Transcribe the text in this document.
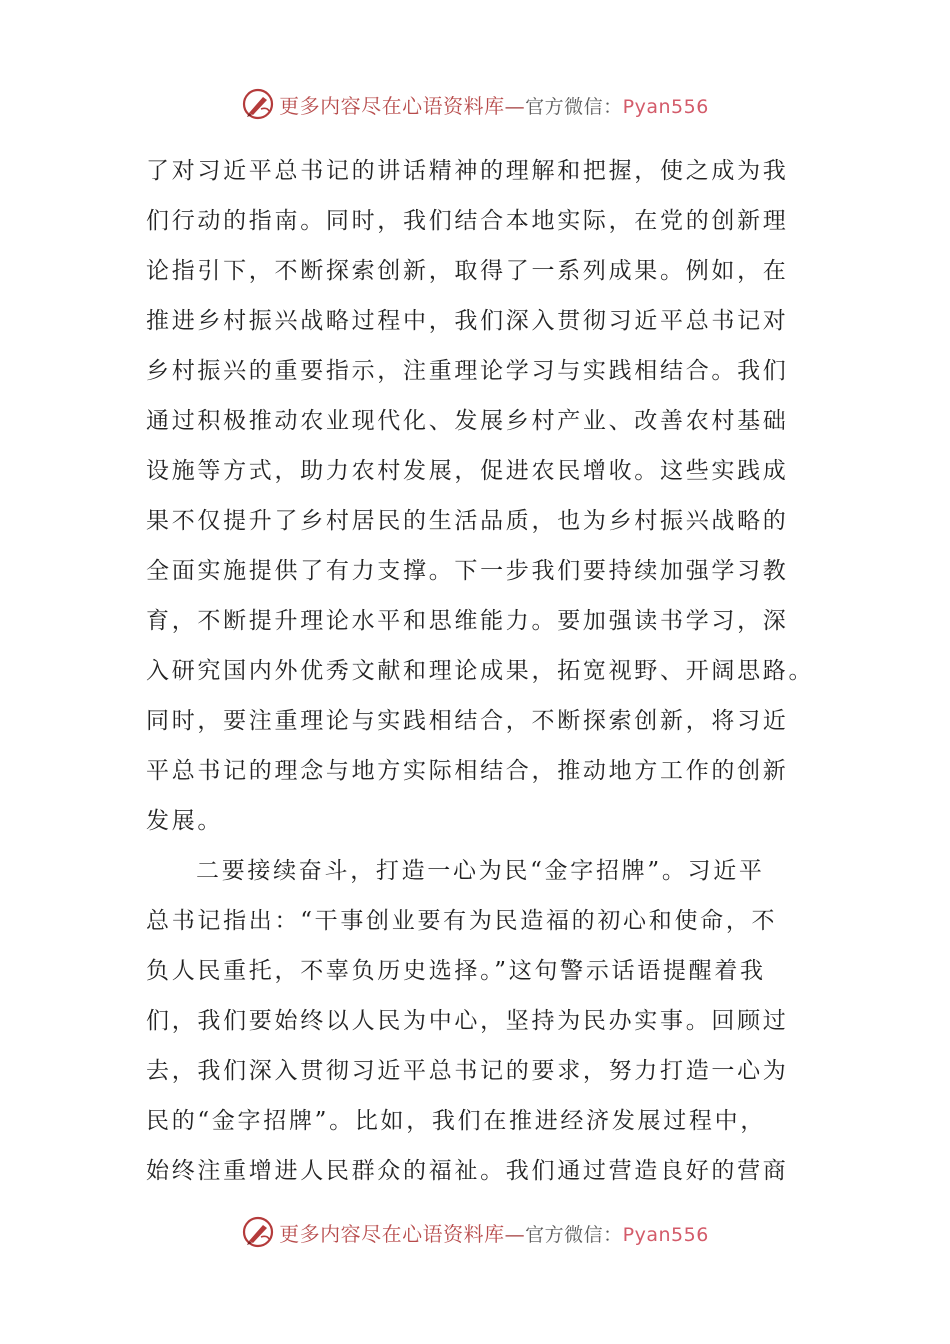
更多内容尽在心语资料库—官方微信：Pyan556
了对习近平总书记的讲话精神的理解和把握，使之成为我
们行动的指南。同时，我们结合本地实际，在党的创新理
论指引下，不断探索创新，取得了一系列成果。例如，在
推进乡村振兴战略过程中，我们深入贯彻习近平总书记对
乡村振兴的重要指示，注重理论学习与实践相结合。我们
通过积极推动农业现代化、发展乡村产业、改善农村基础
设施等方式，助力农村发展，促进农民增收。这些实践成
果不仅提升了乡村居民的生活品质，也为乡村振兴战略的
全面实施提供了有力支撑。下一步我们要持续加强学习教
育，不断提升理论水平和思维能力。要加强读书学习，深
入研究国内外优秀文献和理论成果，拓宽视野、开阔思路。
同时，要注重理论与实践相结合，不断探索创新，将习近
平总书记的理念与地方实际相结合，推动地方工作的创新
发展。
二要接续奋斗，打造一心为民“金字招牌”。习近平
总书记指出：“干事创业要有为民造福的初心和使命，不
负人民重托，不辜负历史选择。”这句警示话语提醒着我
们，我们要始终以人民为中心，坚持为民办实事。回顾过
去，我们深入贯彻习近平总书记的要求，努力打造一心为
民的“金字招牌”。比如，我们在推进经济发展过程中，
始终注重增进人民群众的福祉。我们通过营造良好的营商
更多内容尽在心语资料库—官方微信：Pyan556
